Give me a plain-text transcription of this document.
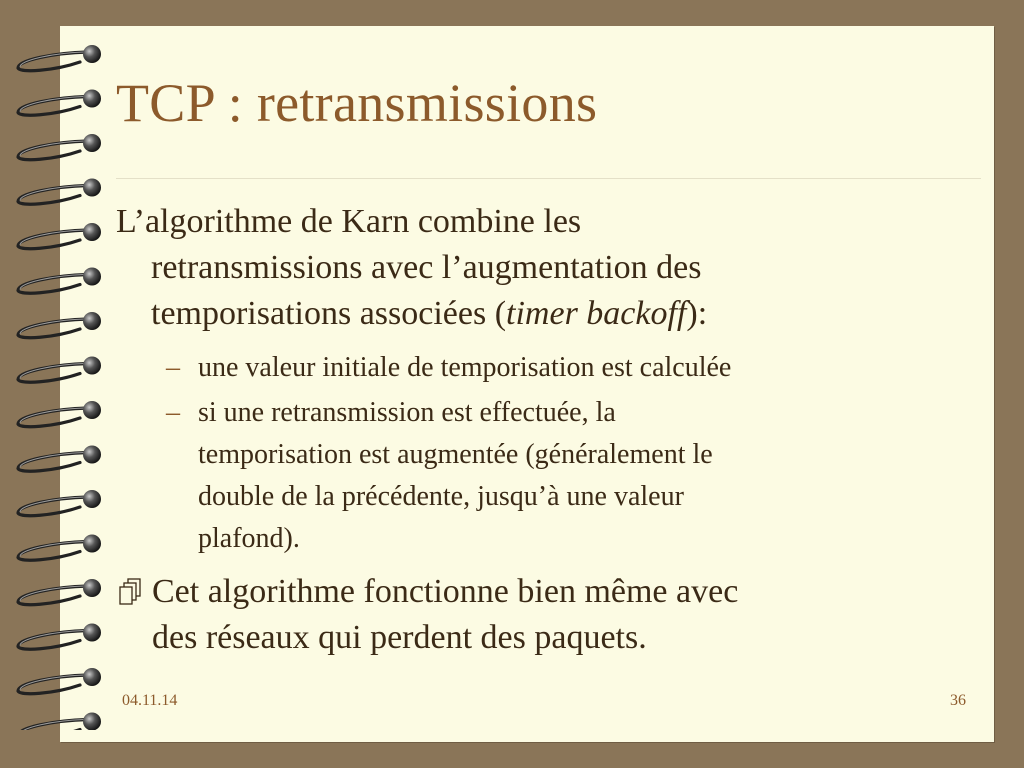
TCP : retransmissions

L’algorithme de Karn combine les
retransmissions avec l’augmentation des
temporisations associées (timer backoff):

– une valeur initiale de temporisation est calculée

– si une retransmission est effectuée, la
temporisation est augmentée (généralement le
double de la précédente, jusqu’à une valeur
plafond).

Cet algorithme fonctionne bien même avec
des réseaux qui perdent des paquets.

04.11.14	36
